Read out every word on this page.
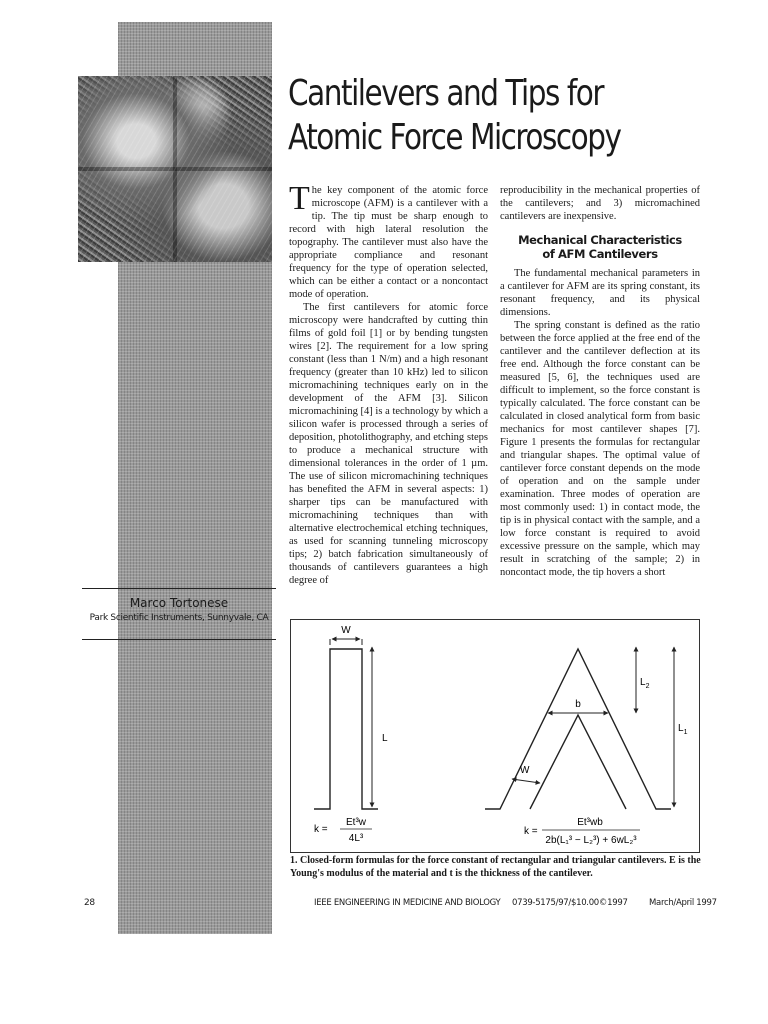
Cantilevers and Tips for
Atomic Force Microscopy
Marco Tortonese
Park Scientific Instruments, Sunnyvale, CA

The key component of the atomic force microscope (AFM) is a cantilever with a tip. The tip must be sharp enough to record with high lateral resolution the topography. The cantilever must also have the appropriate compliance and resonant frequency for the type of operation selected, which can be either a contact or a noncontact mode of operation.

The first cantilevers for atomic force microscopy were handcrafted by cutting thin films of gold foil [1] or by bending tungsten wires [2]. The requirement for a low spring constant (less than 1 N/m) and a high resonant frequency (greater than 10 kHz) led to silicon micromachining techniques early on in the development of the AFM [3]. Silicon micromachining [4] is a technology by which a silicon wafer is processed through a series of deposition, photolithography, and etching steps to produce a mechanical structure with dimensional tolerances in the order of 1 µm. The use of silicon micromachining techniques has benefited the AFM in several aspects: 1) sharper tips can be manufactured with micromachining techniques than with alternative electrochemical etching techniques, as used for scanning tunneling microscopy tips; 2) batch fabrication simultaneously of thousands of cantilevers guarantees a high degree of

reproducibility in the mechanical properties of the cantilevers; and 3) micromachined cantilevers are inexpensive.

Mechanical Characteristics
of AFM Cantilevers

The fundamental mechanical parameters in a cantilever for AFM are its spring constant, its resonant frequency, and its physical dimensions.

The spring constant is defined as the ratio between the force applied at the free end of the cantilever and the cantilever deflection at its free end. Although the force constant can be measured [5, 6], the techniques used are difficult to implement, so the force constant is typically calculated. The force constant can be calculated in closed analytical form from basic mechanics for most cantilever shapes [7]. Figure 1 presents the formulas for rectangular and triangular shapes. The optimal value of cantilever force constant depends on the mode of operation and on the sample under examination. Three modes of operation are most commonly used: 1) in contact mode, the tip is in physical contact with the sample, and a low force constant is required to avoid excessive pressure on the sample, which may result in scratching of the sample; 2) in noncontact mode, the tip hovers a short

W
L
b
W
$L_2$
$L_1$
k =
Et³w
4L³
k =
Et³wb
2b(L₁³ − L₂³) + 6wL₂³
1. Closed-form formulas for the force constant of rectangular and triangular cantilevers. E is the Young's modulus of the material and t is the thickness of the cantilever.
28	IEEE ENGINEERING IN MEDICINE AND BIOLOGY 0739-5175/97/$10.00©1997	March/April 1997
